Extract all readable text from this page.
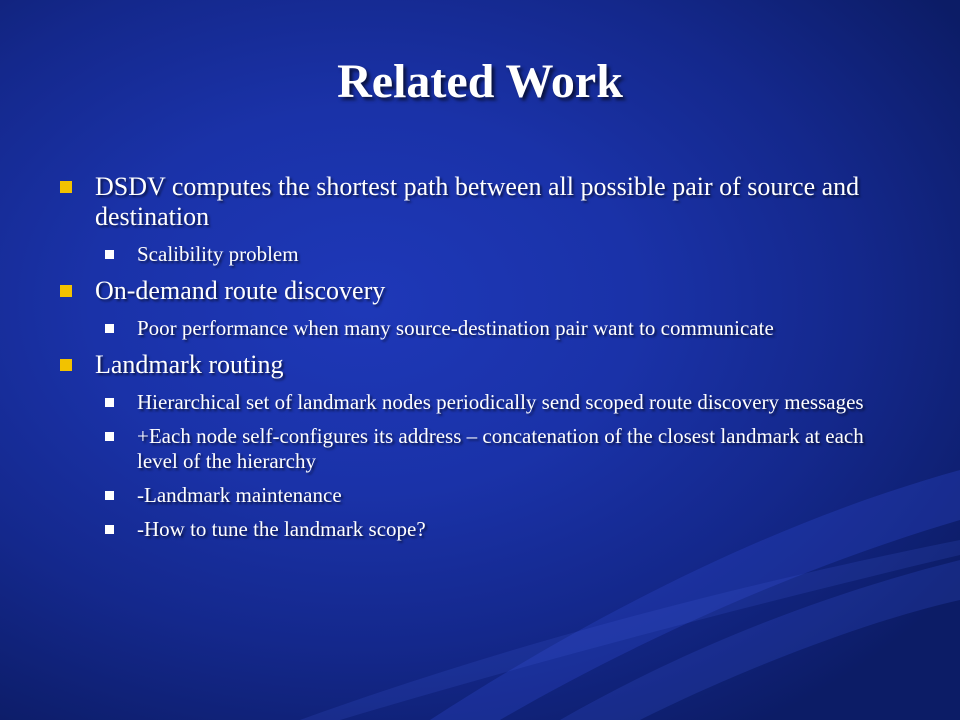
Related Work
DSDV computes the shortest path between all possible pair of source and destination
Scalibility problem
On-demand route discovery
Poor performance when many source-destination pair want to communicate
Landmark routing
Hierarchical set of landmark nodes periodically send scoped route discovery messages
+Each node self-configures its address – concatenation of the closest landmark at each level of the hierarchy
-Landmark maintenance
-How to tune the landmark scope?
